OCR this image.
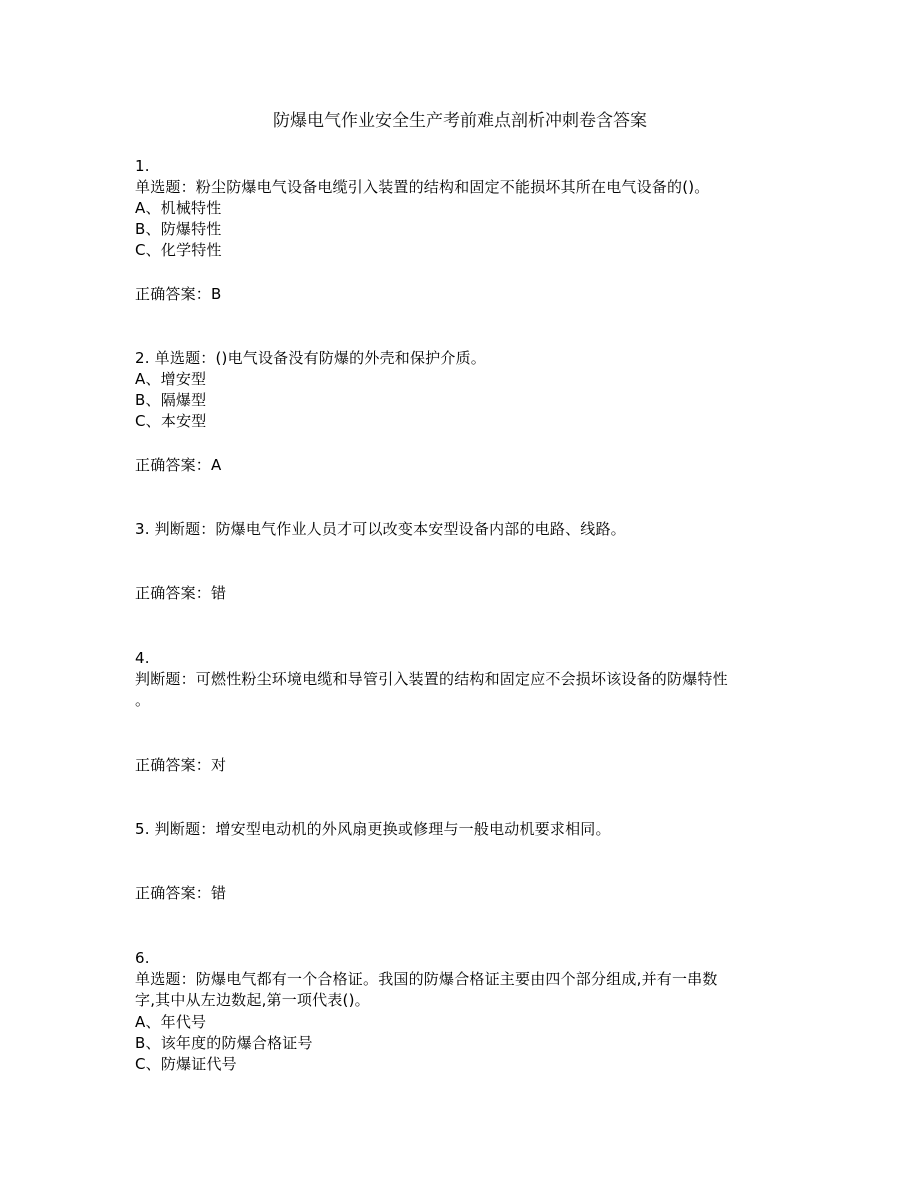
防爆电气作业安全生产考前难点剖析冲刺卷含答案
1.
单选题：粉尘防爆电气设备电缆引入装置的结构和固定不能损坏其所在电气设备的()。
A、机械特性
B、防爆特性
C、化学特性
正确答案：B
2. 单选题：()电气设备没有防爆的外壳和保护介质。
A、增安型
B、隔爆型
C、本安型
正确答案：A
3. 判断题：防爆电气作业人员才可以改变本安型设备内部的电路、线路。
正确答案：错
4.
判断题：可燃性粉尘环境电缆和导管引入装置的结构和固定应不会损坏该设备的防爆特性
。
正确答案：对
5. 判断题：增安型电动机的外风扇更换或修理与一般电动机要求相同。
正确答案：错
6.
单选题：防爆电气都有一个合格证。我国的防爆合格证主要由四个部分组成,并有一串数
字,其中从左边数起,第一项代表()。
A、年代号
B、该年度的防爆合格证号
C、防爆证代号
